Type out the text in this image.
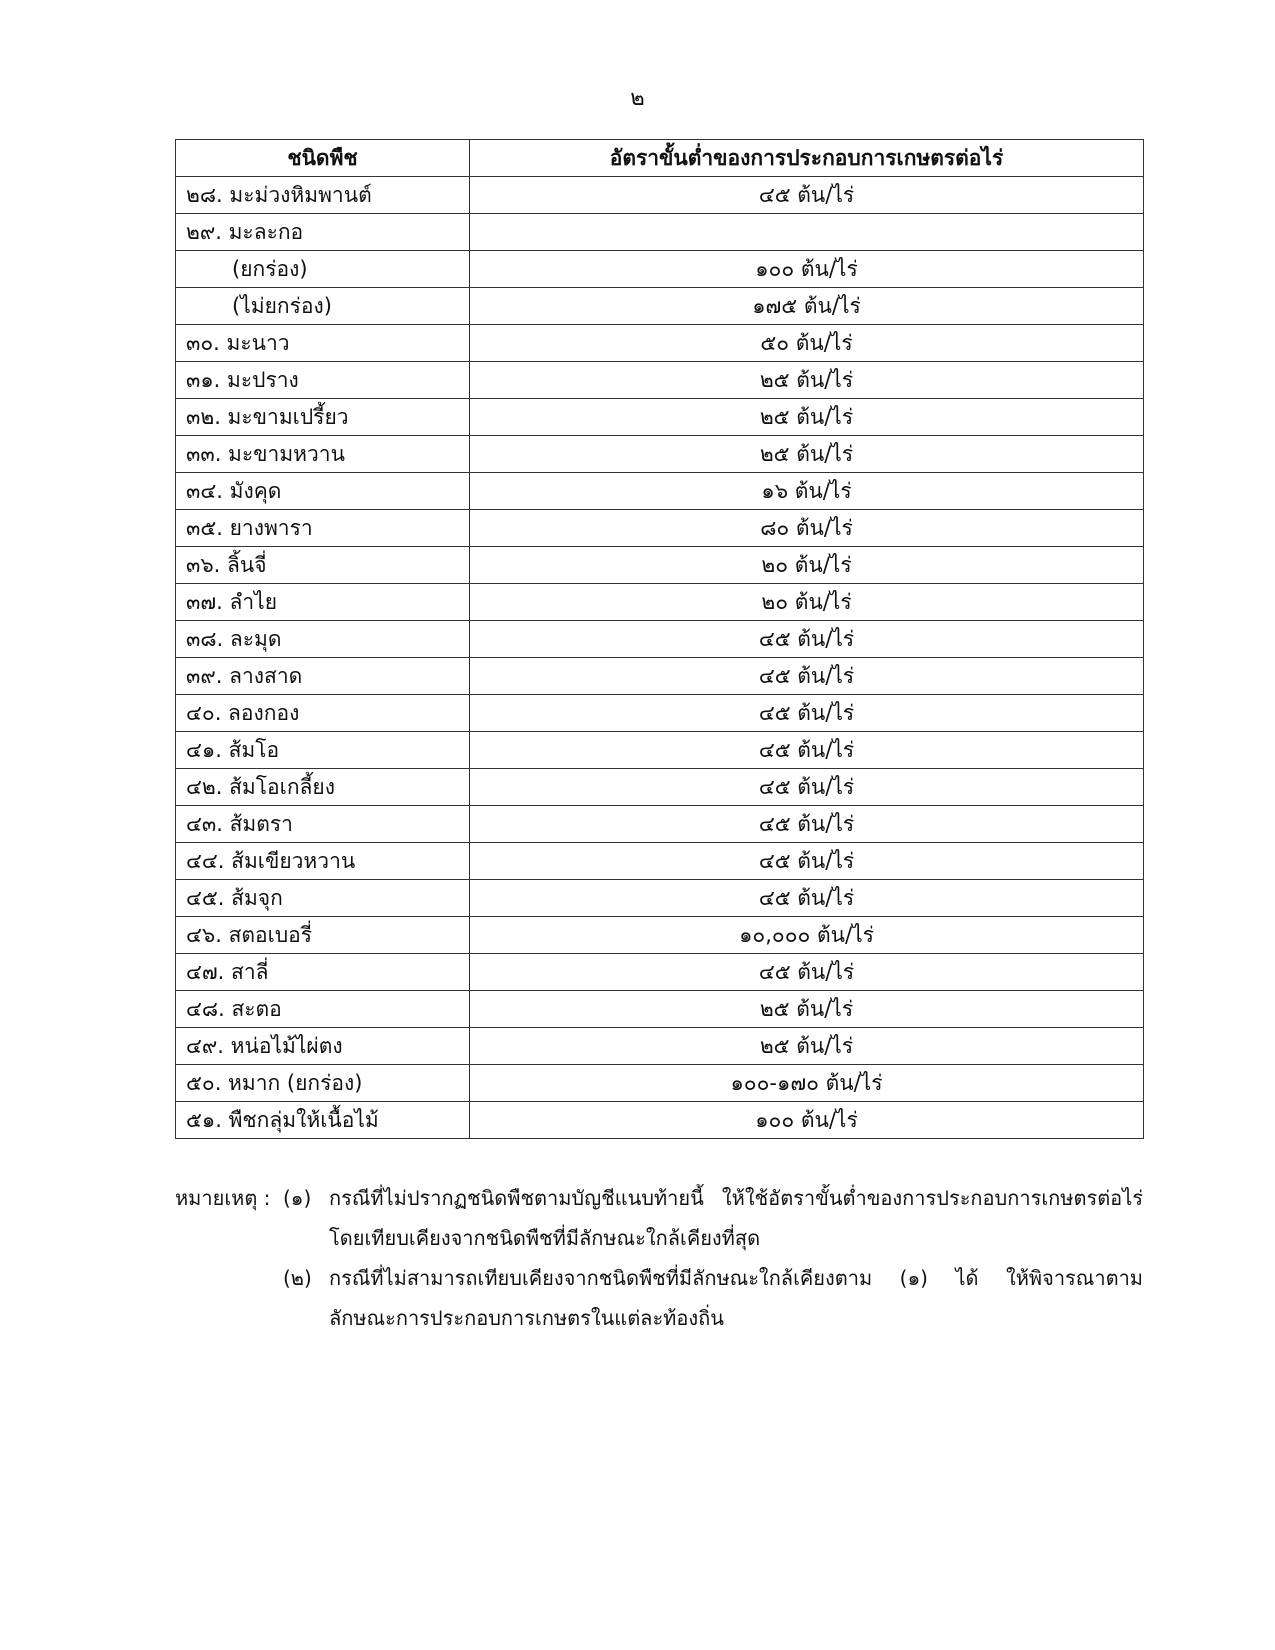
๒
ชนิดพืช	อัตราขั้นต่ำของการประกอบการเกษตรต่อไร่
๒๘. มะม่วงหิมพานต์	๔๕ ต้น/ไร่
๒๙. มะละกอ	
(ยกร่อง)	๑๐๐ ต้น/ไร่
(ไม่ยกร่อง)	๑๗๕ ต้น/ไร่
๓๐. มะนาว	๕๐ ต้น/ไร่
๓๑. มะปราง	๒๕ ต้น/ไร่
๓๒. มะขามเปรี้ยว	๒๕ ต้น/ไร่
๓๓. มะขามหวาน	๒๕ ต้น/ไร่
๓๔. มังคุด	๑๖ ต้น/ไร่
๓๕. ยางพารา	๘๐ ต้น/ไร่
๓๖. ลิ้นจี่	๒๐ ต้น/ไร่
๓๗. ลำไย	๒๐ ต้น/ไร่
๓๘. ละมุด	๔๕ ต้น/ไร่
๓๙. ลางสาด	๔๕ ต้น/ไร่
๔๐. ลองกอง	๔๕ ต้น/ไร่
๔๑. ส้มโอ	๔๕ ต้น/ไร่
๔๒. ส้มโอเกลี้ยง	๔๕ ต้น/ไร่
๔๓. ส้มตรา	๔๕ ต้น/ไร่
๔๔. ส้มเขียวหวาน	๔๕ ต้น/ไร่
๔๕. ส้มจุก	๔๕ ต้น/ไร่
๔๖. สตอเบอรี่	๑๐,๐๐๐ ต้น/ไร่
๔๗. สาลี่	๔๕ ต้น/ไร่
๔๘. สะตอ	๒๕ ต้น/ไร่
๔๙. หน่อไม้ไผ่ตง	๒๕ ต้น/ไร่
๕๐. หมาก (ยกร่อง)	๑๐๐-๑๗๐ ต้น/ไร่
๕๑. พืชกลุ่มให้เนื้อไม้	๑๐๐ ต้น/ไร่
หมายเหตุ : (๑) กรณีที่ไม่ปรากฏชนิดพืชตามบัญชีแนบท้ายนี้ ให้ใช้อัตราขั้นต่ำของการประกอบการเกษตรต่อไร่ โดยเทียบเคียงจากชนิดพืชที่มีลักษณะใกล้เคียงที่สุด
(๒) กรณีที่ไม่สามารถเทียบเคียงจากชนิดพืชที่มีลักษณะใกล้เคียงตาม (๑) ได้ ให้พิจารณาตามลักษณะการประกอบการเกษตรในแต่ละท้องถิ่น
